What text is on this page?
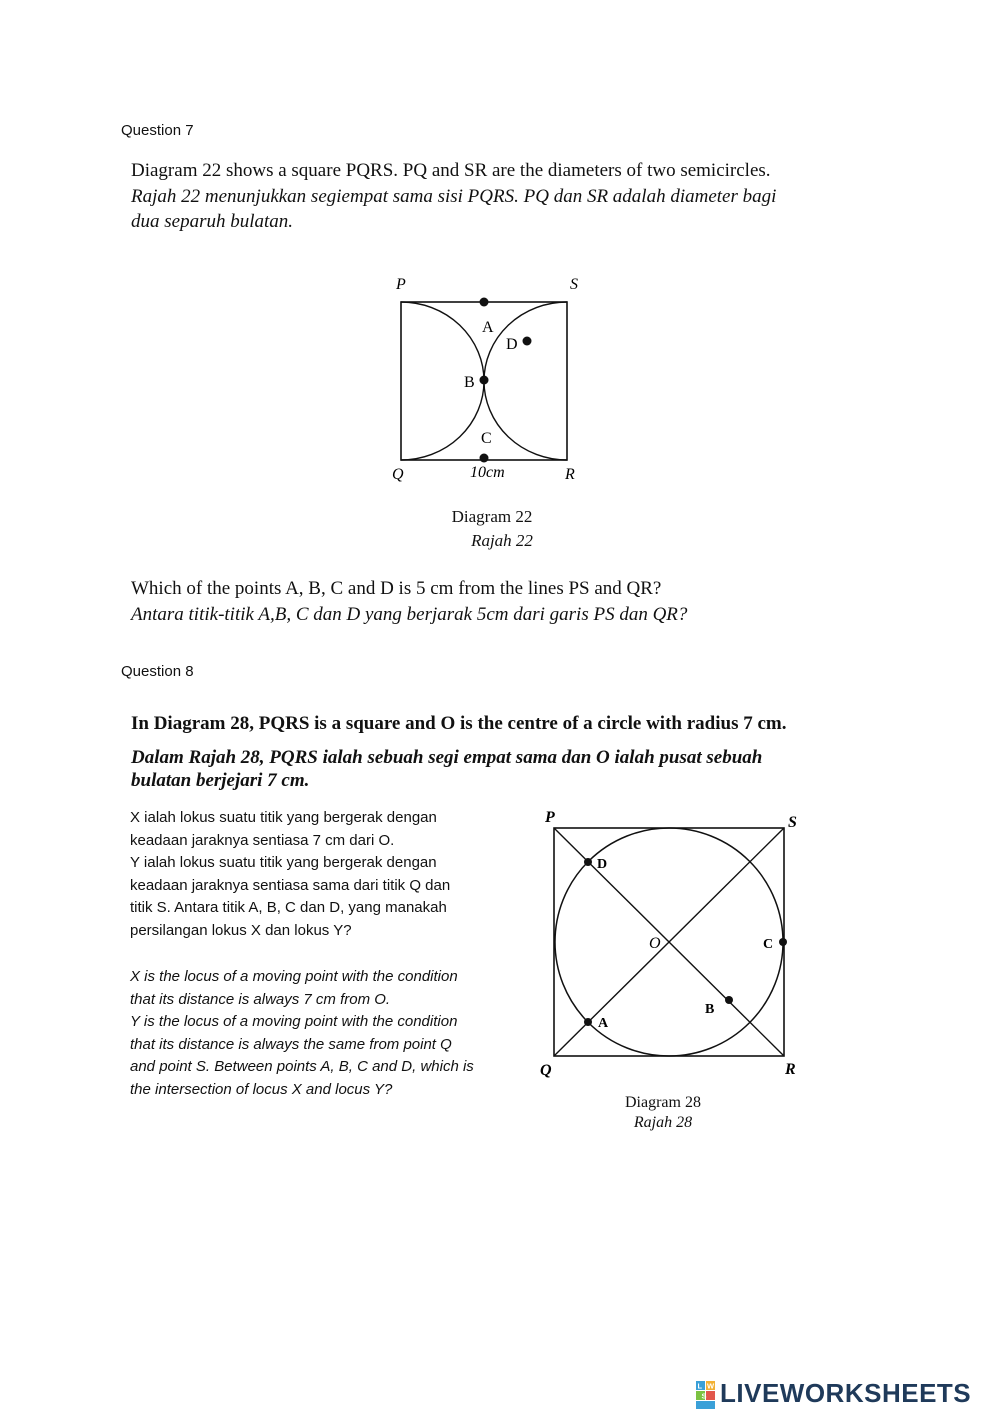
Question 7
Diagram 22 shows a square PQRS. PQ and SR are the diameters of two semicircles.
Rajah 22 menunjukkan segiempat sama sisi PQRS. PQ dan SR adalah diameter bagi
dua separuh bulatan.
P	S
Q	R
A
B
C
D
10cm
Diagram 22
Rajah 22
Which of the points A, B, C and D is 5 cm from the lines PS and QR?
Antara titik-titik A,B, C dan D yang berjarak 5cm dari garis PS dan QR?
Question 8
In Diagram 28, PQRS is a square and O is the centre of a circle with radius 7 cm.
Dalam Rajah 28, PQRS ialah sebuah segi empat sama dan O ialah pusat sebuah
bulatan berjejari 7 cm.
X ialah lokus suatu titik yang bergerak dengan
keadaan jaraknya sentiasa 7 cm dari O.
Y ialah lokus suatu titik yang bergerak dengan
keadaan jaraknya sentiasa sama dari titik Q dan
titik S. Antara titik A, B, C dan D, yang manakah
persilangan lokus X dan lokus Y?
X is the locus of a moving point with the condition
that its distance is always 7 cm from O.
Y is the locus of a moving point with the condition
that its distance is always the same from point Q
and point S. Between points A, B, C and D, which is
the intersection of locus X and locus Y?
P	S
Q	R
O
D
A
B
C
Diagram 28
Rajah 28
L W
S LIVEWORKSHEETS
